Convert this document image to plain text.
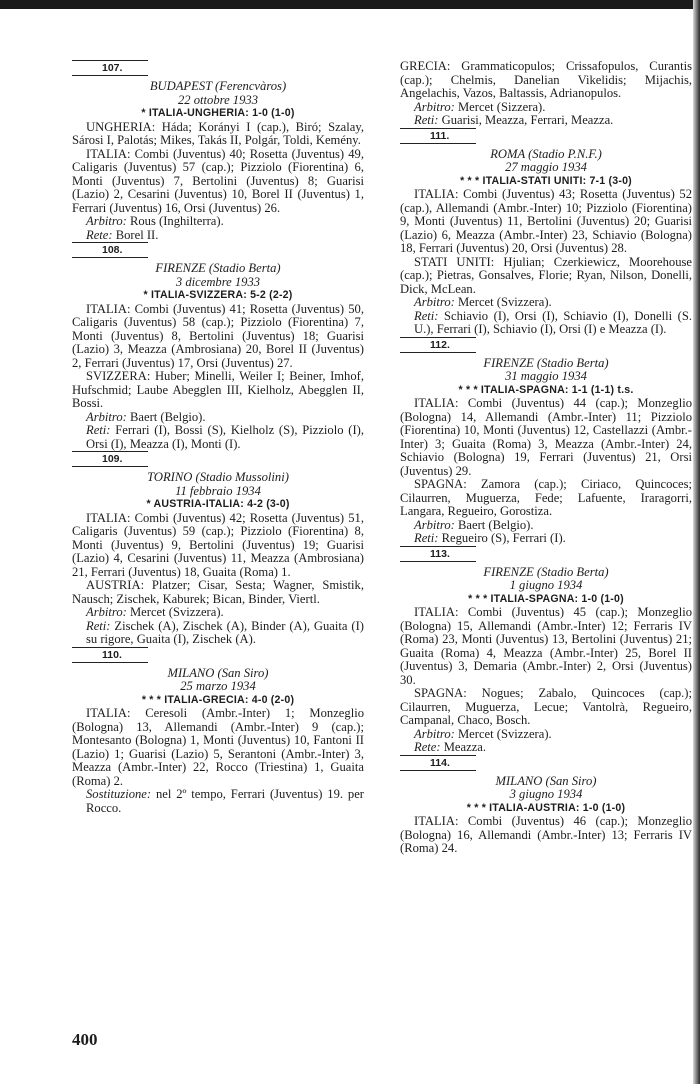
107.
BUDAPEST (Ferencvàros)
22 ottobre 1933
* ITALIA-UNGHERIA: 1-0 (1-0)

UNGHERIA: Háda; Korányi I (cap.), Biró; Szalay, Sárosi I, Palotás; Mikes, Takás II, Polgár, Toldi, Kemény.

ITALIA: Combi (Juventus) 40; Rosetta (Juventus) 49, Caligaris (Juventus) 57 (cap.); Pizziolo (Fiorentina) 6, Monti (Juventus) 7, Bertolini (Juventus) 8; Guarisi (Lazio) 2, Cesarini (Juventus) 10, Borel II (Juventus) 1, Ferrari (Juventus) 16, Orsi (Juventus) 26.

Arbitro: Rous (Inghilterra).
Rete: Borel II.
108.
FIRENZE (Stadio Berta)
3 dicembre 1933
* ITALIA-SVIZZERA: 5-2 (2-2)

ITALIA: Combi (Juventus) 41; Rosetta (Juventus) 50, Caligaris (Juventus) 58 (cap.); Pizziolo (Fiorentina) 7, Monti (Juventus) 8, Bertolini (Juventus) 18; Guarisi (Lazio) 3, Meazza (Ambrosiana) 20, Borel II (Juventus) 2, Ferrari (Juventus) 17, Orsi (Juventus) 27.

SVIZZERA: Huber; Minelli, Weiler I; Beiner, Imhof, Hufschmid; Laube Abegglen III, Kielholz, Abegglen II, Bossi.

Arbitro: Baert (Belgio).
Reti: Ferrari (I), Bossi (S), Kielholz (S), Pizziolo (I), Orsi (I), Meazza (I), Monti (I).
109.
TORINO (Stadio Mussolini)
11 febbraio 1934
* AUSTRIA-ITALIA: 4-2 (3-0)

ITALIA: Combi (Juventus) 42; Rosetta (Juventus) 51, Caligaris (Juventus) 59 (cap.); Pizziolo (Fiorentina) 8, Monti (Juventus) 9, Bertolini (Juventus) 19; Guarisi (Lazio) 4, Cesarini (Juventus) 11, Meazza (Ambrosiana) 21, Ferrari (Juventus) 18, Guaita (Roma) 1.

AUSTRIA: Platzer; Cisar, Sesta; Wagner, Smistik, Nausch; Zischek, Kaburek; Bican, Binder, Viertl.

Arbitro: Mercet (Svizzera).
Reti: Zischek (A), Zischek (A), Binder (A), Guaita (I) su rigore, Guaita (I), Zischek (A).
110.
MILANO (San Siro)
25 marzo 1934
* * * ITALIA-GRECIA: 4-0 (2-0)

ITALIA: Ceresoli (Ambr.-Inter) 1; Monzeglio (Bologna) 13, Allemandi (Ambr.-Inter) 9 (cap.); Montesanto (Bologna) 1, Monti (Juventus) 10, Fantoni II (Lazio) 1; Guarisi (Lazio) 5, Serantoni (Ambr.-Inter) 3, Meazza (Ambr.-Inter) 22, Rocco (Triestina) 1, Guaita (Roma) 2.

Sostituzione: nel 2º tempo, Ferrari (Juventus) 19. per Rocco.

GRECIA: Grammaticopulos; Crissafopulos, Curantis (cap.); Chelmis, Danelian Vikelidis; Mijachis, Angelachis, Vazos, Baltassis, Adrianopulos.

Arbitro: Mercet (Sizzera).
Reti: Guarisi, Meazza, Ferrari, Meazza.
111.
ROMA (Stadio P.N.F.)
27 maggio 1934
* * * ITALIA-STATI UNITI: 7-1 (3-0)

ITALIA: Combi (Juventus) 43; Rosetta (Juventus) 52 (cap.), Allemandi (Ambr.-Inter) 10; Pizziolo (Fiorentina) 9, Monti (Juventus) 11, Bertolini (Juventus) 20; Guarisi (Lazio) 6, Meazza (Ambr.-Inter) 23, Schiavio (Bologna) 18, Ferrari (Juventus) 20, Orsi (Juventus) 28.

STATI UNITI: Hjulian; Czerkiewicz, Moorehouse (cap.); Pietras, Gonsalves, Florie; Ryan, Nilson, Donelli, Dick, McLean.

Arbitro: Mercet (Svizzera).
Reti: Schiavio (I), Orsi (I), Schiavio (I), Donelli (S. U.), Ferrari (I), Schiavio (I), Orsi (I) e Meazza (I).
112.
FIRENZE (Stadio Berta)
31 maggio 1934
* * * ITALIA-SPAGNA: 1-1 (1-1) t.s.

ITALIA: Combi (Juventus) 44 (cap.); Monzeglio (Bologna) 14, Allemandi (Ambr.-Inter) 11; Pizziolo (Fiorentina) 10, Monti (Juventus) 12, Castellazzi (Ambr.-Inter) 3; Guaita (Roma) 3, Meazza (Ambr.-Inter) 24, Schiavio (Bologna) 19, Ferrari (Juventus) 21, Orsi (Juventus) 29.

SPAGNA: Zamora (cap.); Ciriaco, Quincoces; Cilaurren, Muguerza, Fede; Lafuente, Iraragorri, Langara, Regueiro, Gorostiza.

Arbitro: Baert (Belgio).
Reti: Regueiro (S), Ferrari (I).
113.
FIRENZE (Stadio Berta)
1 giugno 1934
* * * ITALIA-SPAGNA: 1-0 (1-0)

ITALIA: Combi (Juventus) 45 (cap.); Monzeglio (Bologna) 15, Allemandi (Ambr.-Inter) 12; Ferraris IV (Roma) 23, Monti (Juventus) 13, Bertolini (Juventus) 21; Guaita (Roma) 4, Meazza (Ambr.-Inter) 25, Borel II (Juventus) 3, Demaria (Ambr.-Inter) 2, Orsi (Juventus) 30.

SPAGNA: Nogues; Zabalo, Quincoces (cap.); Cilaurren, Muguerza, Lecue; Vantolrà, Regueiro, Campanal, Chaco, Bosch.

Arbitro: Mercet (Svizzera).
Rete: Meazza.
114.
MILANO (San Siro)
3 giugno 1934
* * * ITALIA-AUSTRIA: 1-0 (1-0)

ITALIA: Combi (Juventus) 46 (cap.); Monzeglio (Bologna) 16, Allemandi (Ambr.-Inter) 13; Ferraris IV (Roma) 24.

400
